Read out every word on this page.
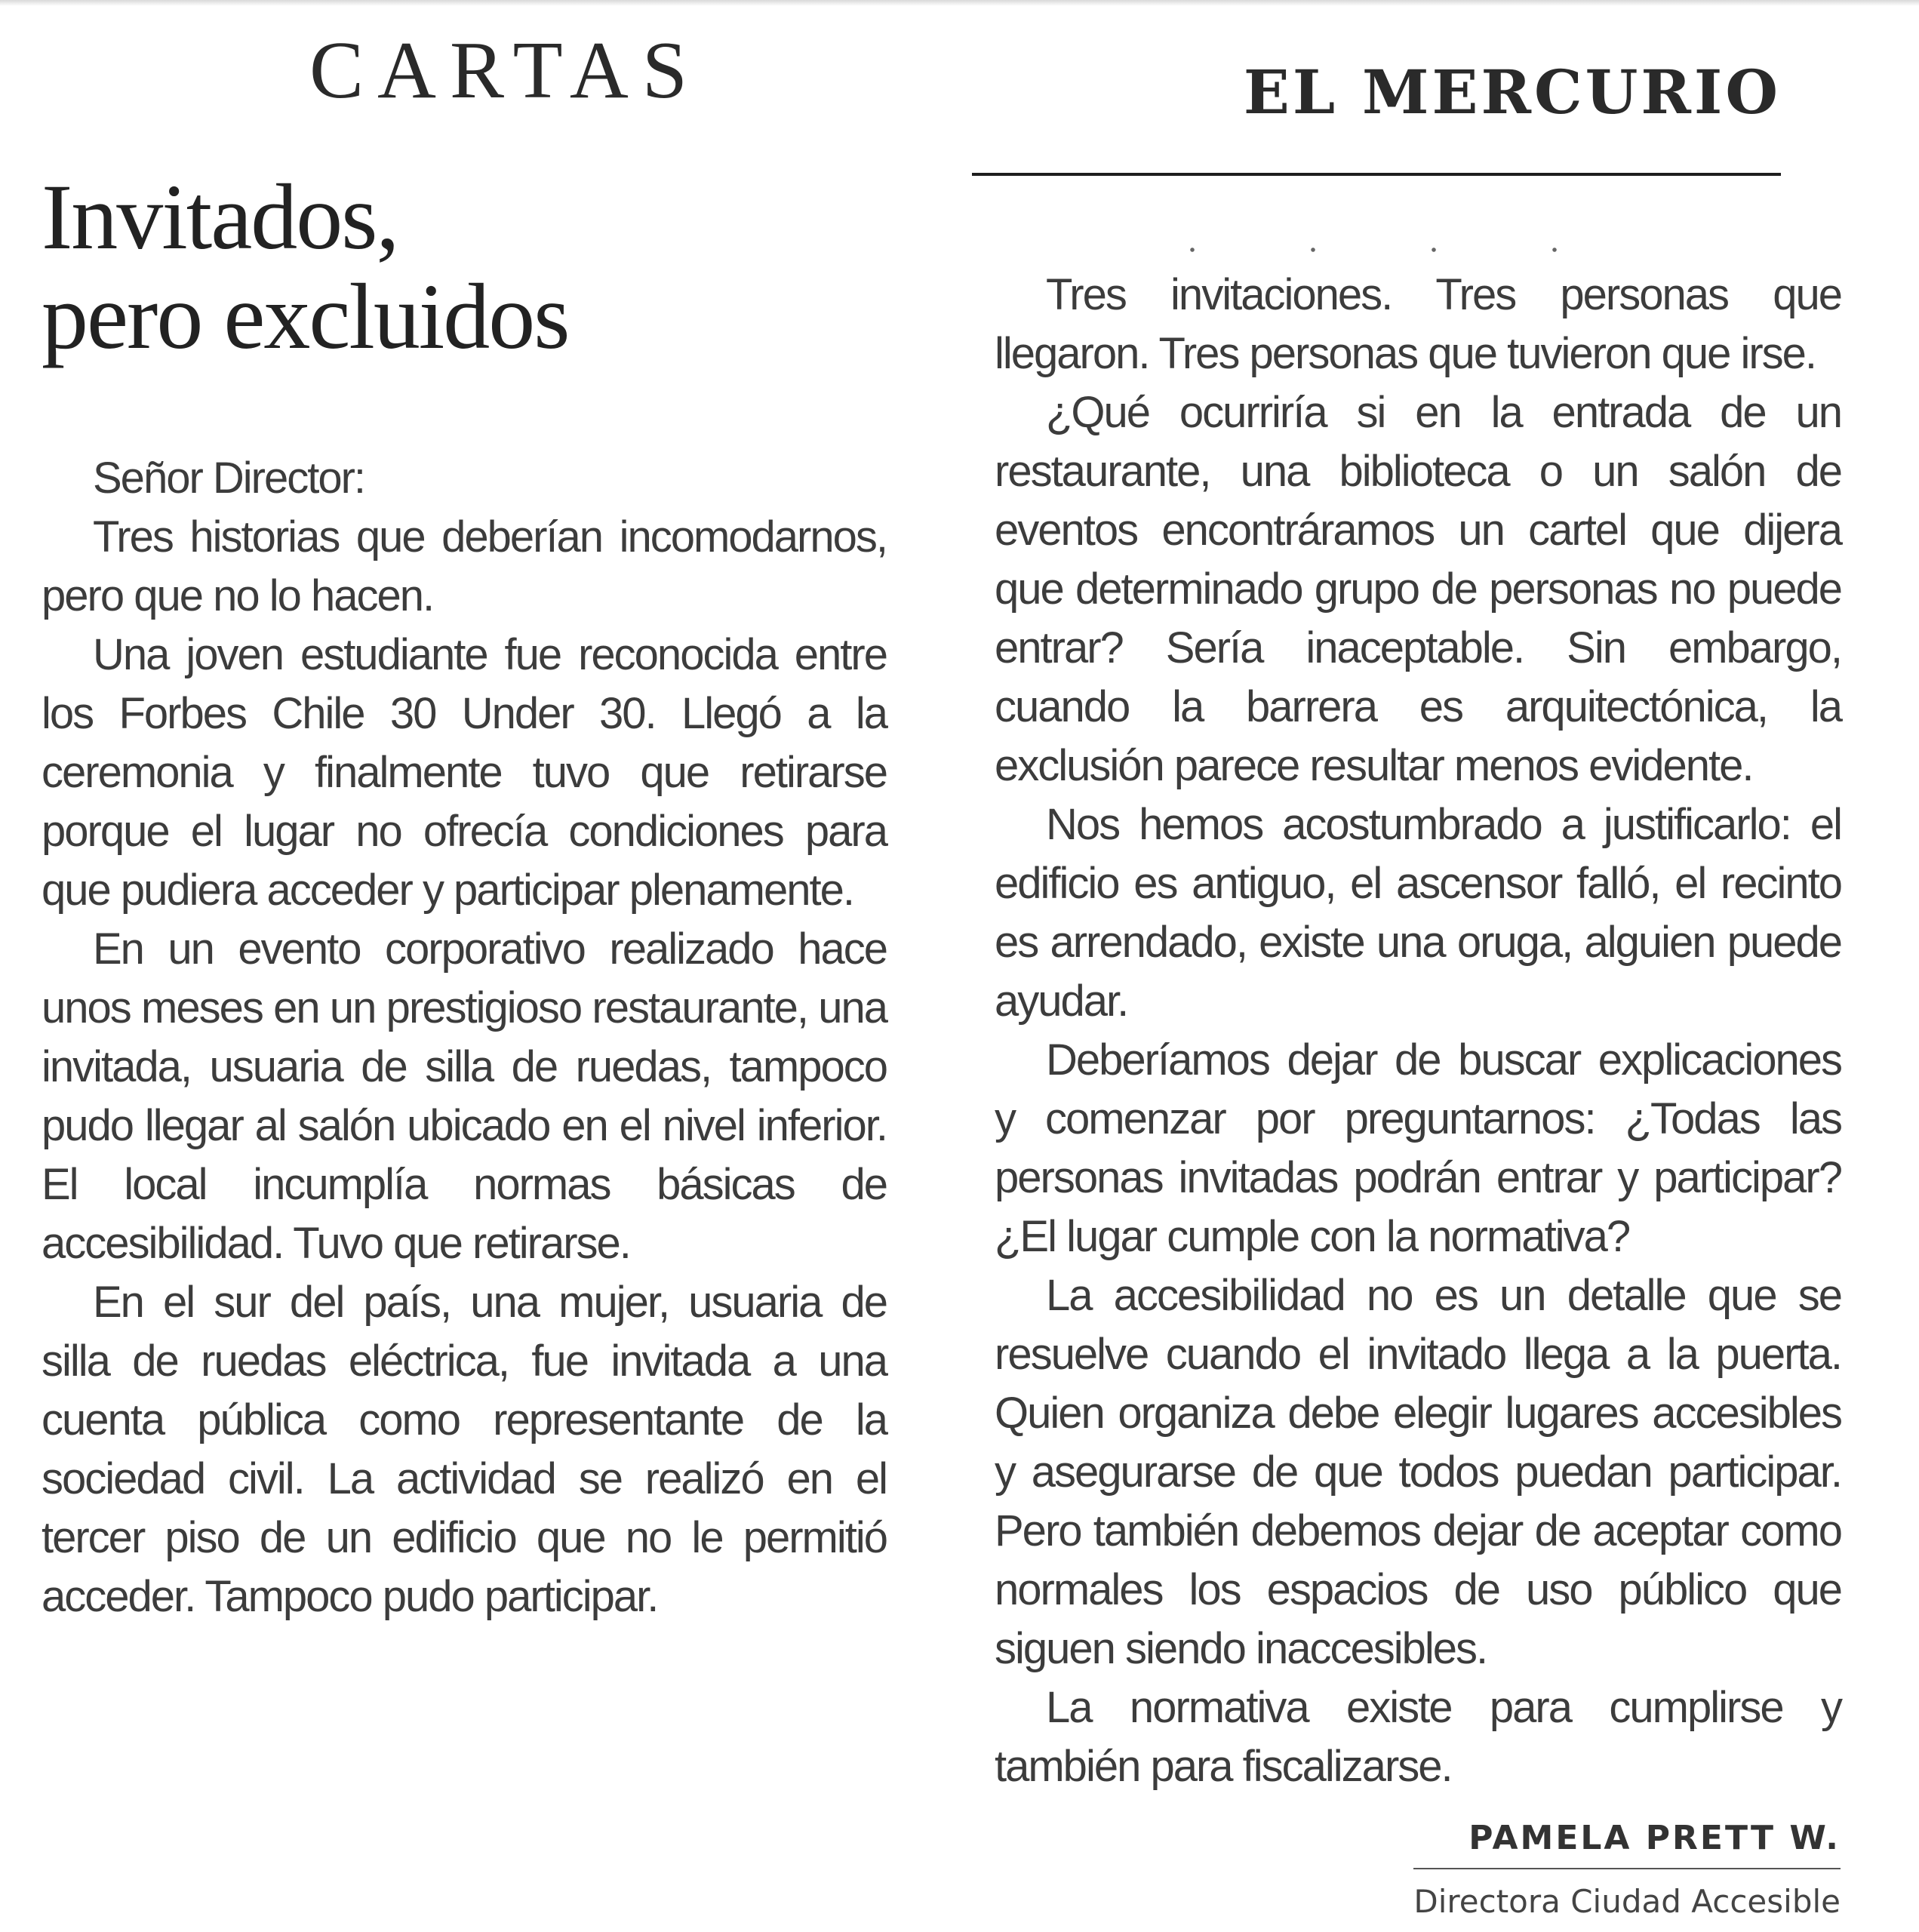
CARTAS	EL MERCURIO
Invitados,
pero excluidos

Señor Director:

Tres historias que deberían incomodarnos, pero que no lo hacen.

Una joven estudiante fue reconocida entre los Forbes Chile 30 Under 30. Llegó a la ceremonia y finalmente tuvo que retirarse porque el lugar no ofrecía condiciones para que pudiera acceder y participar plenamente.

En un evento corporativo realizado hace unos meses en un prestigioso restaurante, una invitada, usuaria de silla de ruedas, tampoco pudo llegar al salón ubicado en el nivel inferior. El local incumplía normas básicas de accesibilidad. Tuvo que retirarse.

En el sur del país, una mujer, usuaria de silla de ruedas eléctrica, fue invitada a una cuenta pública como representante de la sociedad civil. La actividad se realizó en el tercer piso de un edificio que no le permitió acceder. Tampoco pudo participar.

Tres invitaciones. Tres personas que llegaron. Tres personas que tuvieron que irse.

¿Qué ocurriría si en la entrada de un restaurante, una biblioteca o un salón de eventos encontráramos un cartel que dijera que determinado grupo de personas no puede entrar? Sería inaceptable. Sin embargo, cuando la barrera es arquitectónica, la exclusión parece resultar menos evidente.

Nos hemos acostumbrado a justificarlo: el edificio es antiguo, el ascensor falló, el recinto es arrendado, existe una oruga, alguien puede ayudar.

Deberíamos dejar de buscar explicaciones y comenzar por preguntarnos: ¿Todas las personas invitadas podrán entrar y participar? ¿El lugar cumple con la normativa?

La accesibilidad no es un detalle que se resuelve cuando el invitado llega a la puerta. Quien organiza debe elegir lugares accesibles y asegurarse de que todos puedan participar. Pero también debemos dejar de aceptar como normales los espacios de uso público que siguen siendo inaccesibles.

La normativa existe para cumplirse y también para fiscalizarse.

PAMELA PRETT W.
Directora Ciudad Accesible
